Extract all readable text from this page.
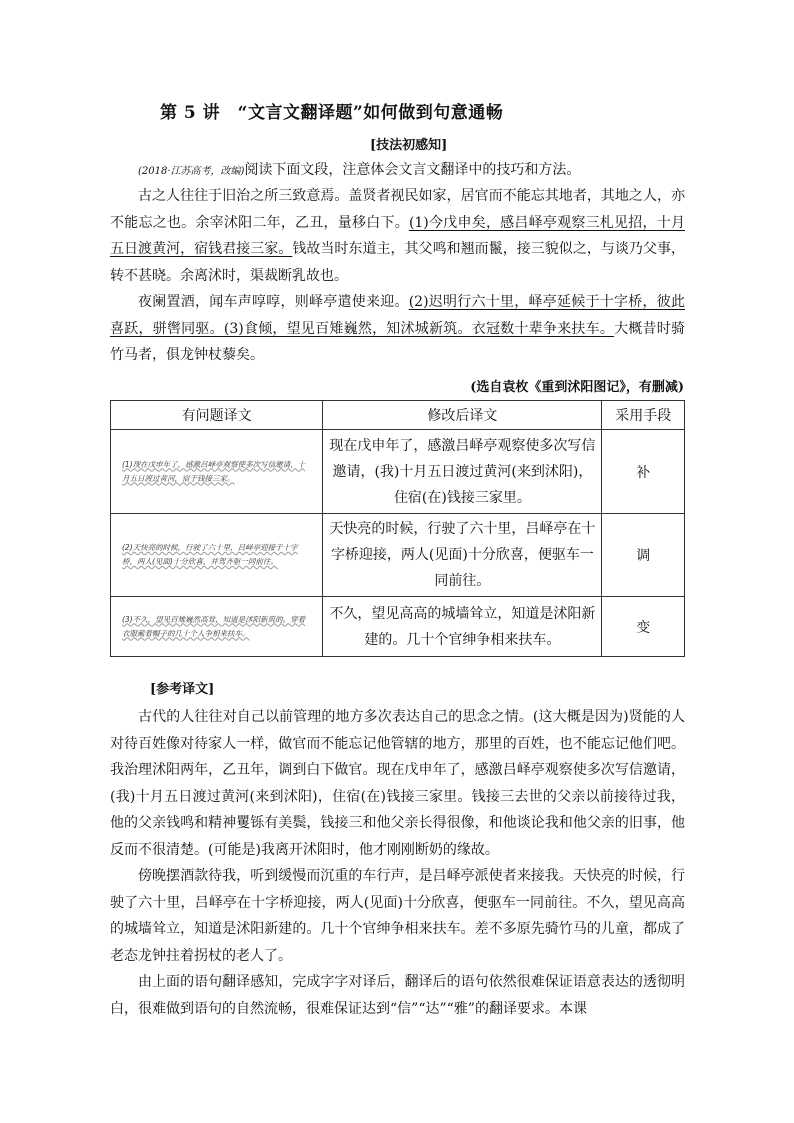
第 5 讲　“文言文翻译题”如何做到句意通畅
[技法初感知]
(2018·江苏高考，改编)阅读下面文段，注意体会文言文翻译中的技巧和方法。
古之人往往于旧治之所三致意焉。盖贤者视民如家，居官而不能忘其地者，其地之人，亦不能忘之也。余宰沭阳二年，乙丑，量移白下。(1)今戊申矣，感吕峄亭观察三札见招，十月五日渡黄河，宿钱君接三家。钱故当时东道主，其父鸣和翘而鬣，接三貌似之，与谈乃父事，转不甚晓。余离沭时，渠裁断乳故也。
夜阑置酒，闻车声啍啍，则峄亭遣使来迎。(2)迟明行六十里，峄亭延候于十字桥，彼此喜跃，骈辔同驱。(3)食倾，望见百雉巍然，知沭城新筑。衣冠数十辈争来扶车。大概昔时骑竹马者，俱龙钟杖藜矣。
(选自袁枚《重到沭阳图记》，有删减)
有问题译文	修改后译文	采用手段

(1)现在戊申年了，感激吕峄亭观察使多次写信邀请，十月五日渡过黄河，宿于钱接三家。	现在戊申年了，感激吕峄亭观察使多次写信邀请，(我)十月五日渡过黄河(来到沭阳)，住宿(在)钱接三家里。	补

(2)天快亮的时候，行驶了六十里，吕峄亭迎接于十字桥，两人(见面)十分欣喜，并驾齐驱一同前往。	天快亮的时候，行驶了六十里，吕峄亭在十字桥迎接，两人(见面)十分欣喜，便驱车一同前往。	调

(3)不久，望见百雉巍然高耸，知道是沭阳新筑的。穿着衣服戴着帽子的几十个人争相来扶车。	不久，望见高高的城墙耸立，知道是沭阳新建的。几十个官绅争相来扶车。	变
[参考译文]
古代的人往往对自己以前管理的地方多次表达自己的思念之情。(这大概是因为)贤能的人对待百姓像对待家人一样，做官而不能忘记他管辖的地方，那里的百姓，也不能忘记他们吧。我治理沭阳两年，乙丑年，调到白下做官。现在戊申年了，感激吕峄亭观察使多次写信邀请，(我)十月五日渡过黄河(来到沭阳)，住宿(在)钱接三家里。钱接三去世的父亲以前接待过我，他的父亲钱鸣和精神矍铄有美鬓，钱接三和他父亲长得很像，和他谈论我和他父亲的旧事，他反而不很清楚。(可能是)我离开沭阳时，他才刚刚断奶的缘故。
傍晚摆酒款待我，听到缓慢而沉重的车行声，是吕峄亭派使者来接我。天快亮的时候，行驶了六十里，吕峄亭在十字桥迎接，两人(见面)十分欣喜，便驱车一同前往。不久，望见高高的城墙耸立，知道是沭阳新建的。几十个官绅争相来扶车。差不多原先骑竹马的儿童，都成了老态龙钟拄着拐杖的老人了。
由上面的语句翻译感知，完成字字对译后，翻译后的语句依然很难保证语意表达的透彻明白，很难做到语句的自然流畅，很难保证达到“信”“达”“雅”的翻译要求。本课
